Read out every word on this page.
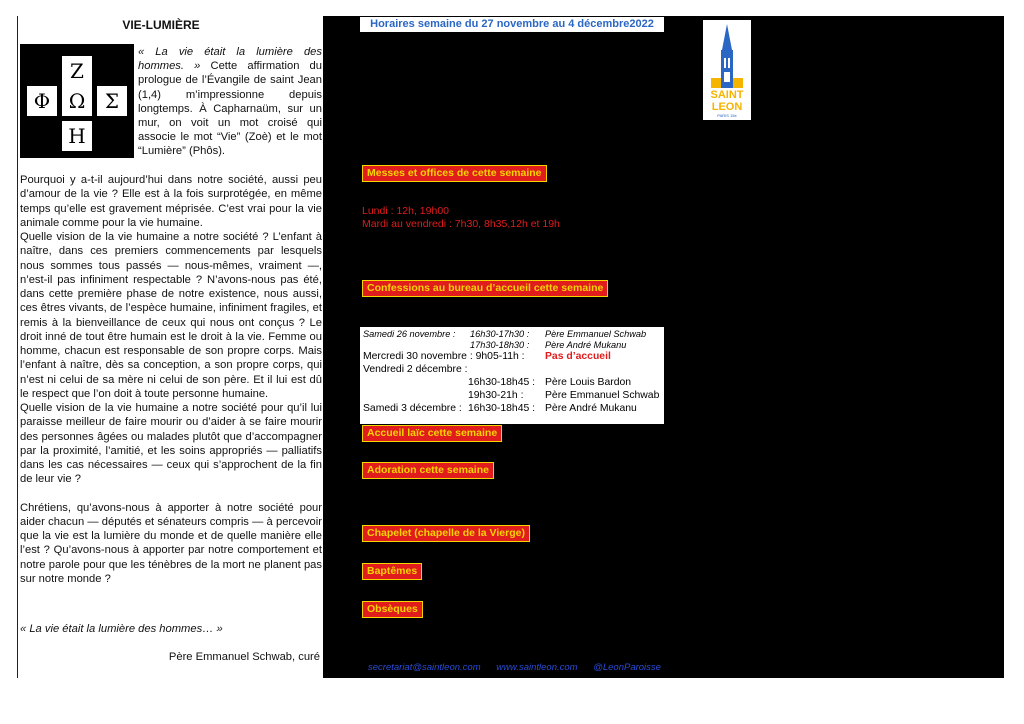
VIE-LUMIÈRE
Z
Φ Ω Σ
H
« La vie était la lumière des hommes. » Cette affirmation du prologue de l’Évangile de saint Jean (1,4) m’impressionne depuis longtemps. À Capharnaüm, sur un mur, on voit un mot croisé qui associe le mot “Vie” (Zoè) et le mot “Lumière” (Phôs).

Pourquoi y a-t-il aujourd’hui dans notre société, aussi peu d’amour de la vie ? Elle est à la fois surprotégée, en même temps qu’elle est gravement méprisée. C’est vrai pour la vie animale comme pour la vie humaine.

Quelle vision de la vie humaine a notre société ? L’enfant à naître, dans ces premiers commencements par lesquels nous sommes tous passés — nous-mêmes, vraiment —, n’est-il pas infiniment respectable ? N’avons-nous pas été, dans cette première phase de notre existence, nous aussi, ces êtres vivants, de l’espèce humaine, infiniment fragiles, et remis à la bienveillance de ceux qui nous ont conçus ? Le droit inné de tout être humain est le droit à la vie. Femme ou homme, chacun est responsable de son propre corps. Mais l’enfant à naître, dès sa conception, a son propre corps, qui n’est ni celui de sa mère ni celui de son père. Et il lui est dû le respect que l’on doit à toute personne humaine.

Quelle vision de la vie humaine a notre société pour qu’il lui paraisse meilleur de faire mourir ou d’aider à se faire mourir des personnes âgées ou malades plutôt que d’accompagner par la proximité, l’amitié, et les soins appropriés — palliatifs dans les cas nécessaires — ceux qui s’approchent de la fin de leur vie ?

Chrétiens, qu’avons-nous à apporter à notre société pour aider chacun — députés et sénateurs compris — à percevoir que la vie est la lumière du monde et de quelle manière elle l’est ? Qu’avons-nous à apporter par notre comportement et notre parole pour que les ténèbres de la mort ne planent pas sur notre monde ?

« La vie était la lumière des hommes… »
Père Emmanuel Schwab, curé
Horaires semaine du 27 novembre au 4 décembre2022
SAINT
LEON
PARIS 15e
Messes et offices de cette semaine
Lundi : 12h, 19h00
Mardi au vendredi : 7h30, 8h35,12h et 19h
Confessions au bureau d’accueil cette semaine
Samedi 26 novembre : 16h30-17h30 : Père Emmanuel Schwab
17h30-18h30 : Père André Mukanu
Mercredi 30 novembre : 9h05-11h : Pas d’accueil
Vendredi 2 décembre :
16h30-18h45 : Père Louis Bardon
19h30-21h : Père Emmanuel Schwab
Samedi 3 décembre : 16h30-18h45 : Père André Mukanu
Accueil laïc cette semaine
Adoration cette semaine
Chapelet (chapelle de la Vierge)
Baptêmes
Obsèques
secretariat@saintleon.com www.saintleon.com @LeonParoisse
